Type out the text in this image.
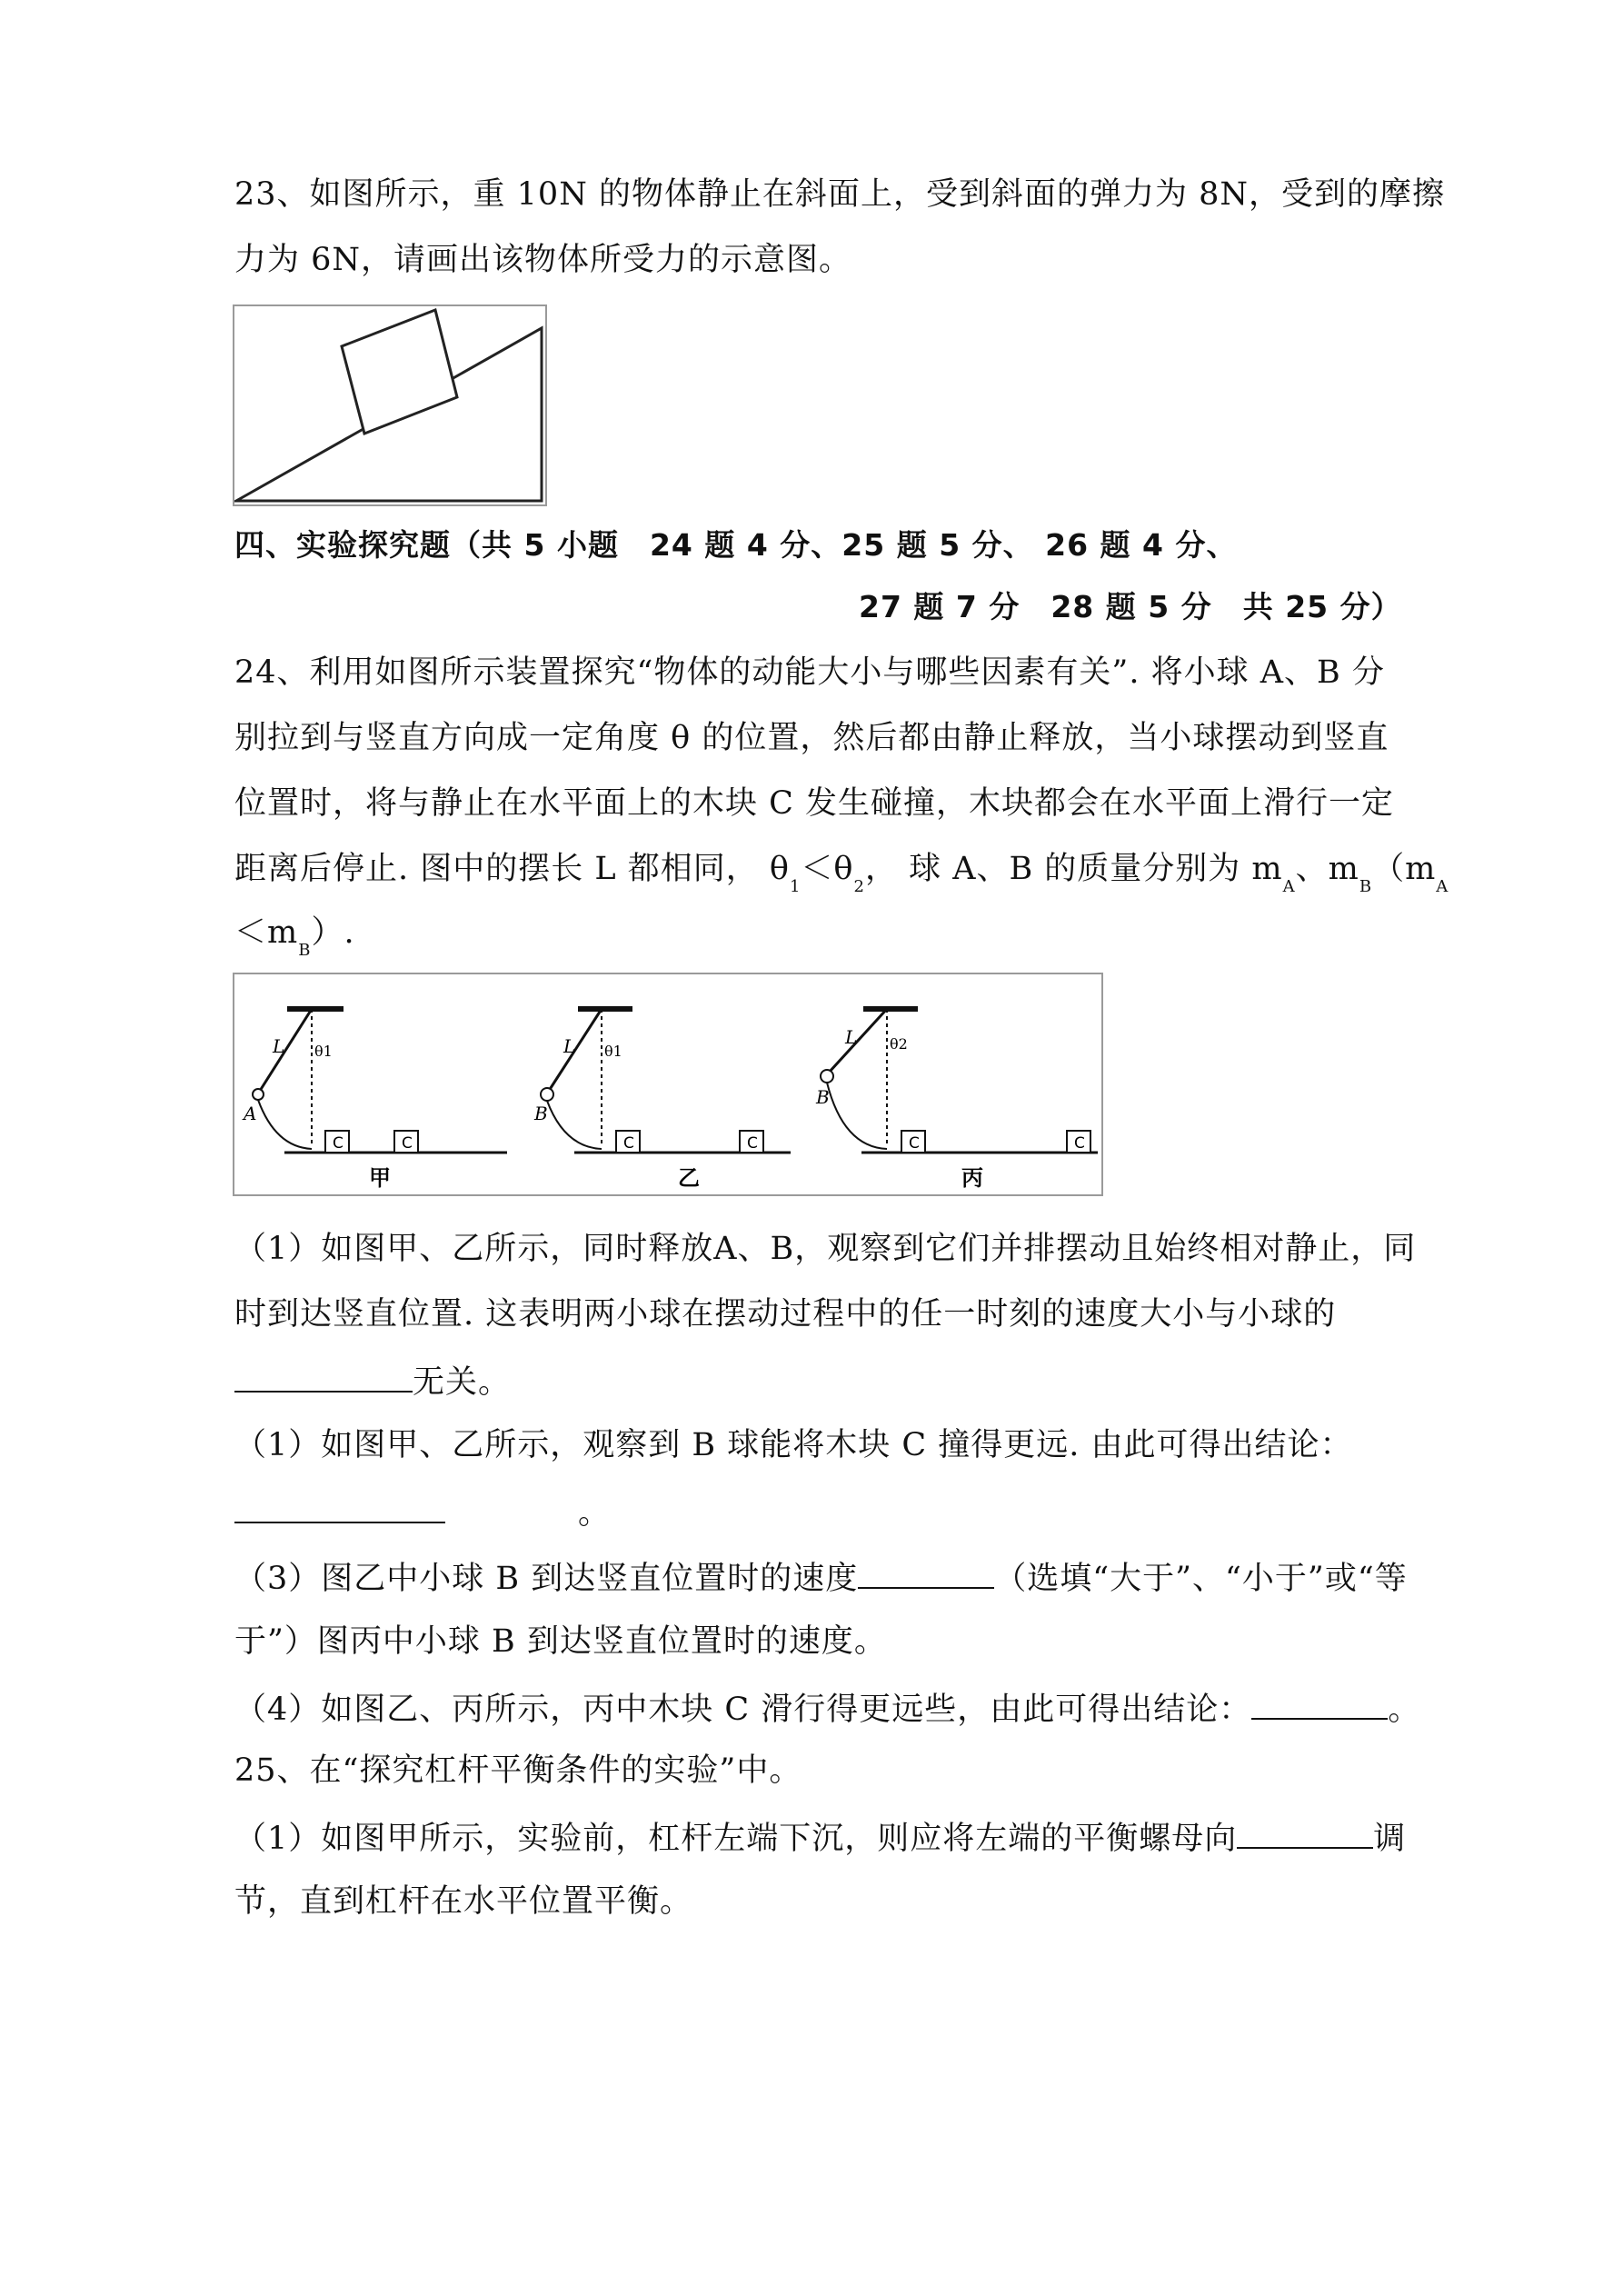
23、如图所示，重 10N 的物体静止在斜面上，受到斜面的弹力为 8N，受到的摩擦
力为 6N，请画出该物体所受力的示意图。
四、实验探究题（共 5 小题　24 题 4 分、25 题 5 分、 26 题 4 分、
27 题 7 分　28 题 5 分　共 25 分）
24、利用如图所示装置探究“物体的动能大小与哪些因素有关”. 将小球 A、B 分
别拉到与竖直方向成一定角度 θ 的位置，然后都由静止释放，当小球摆动到竖直
位置时，将与静止在水平面上的木块 C 发生碰撞，木块都会在水平面上滑行一定
距离后停止. 图中的摆长 L 都相同， $\theta_1<\theta_2$， 球 A、B 的质量分别为 $m_A$、$m_B(m_A$
$<m_B$）.
C	C
A
L θ1
甲
C	C
B
L θ1
乙
C	C
B
L θ2
丙
（1）如图甲、乙所示，同时释放A、B，观察到它们并排摆动且始终相对静止，同
时到达竖直位置. 这表明两小球在摆动过程中的任一时刻的速度大小与小球的
无关。
（1）如图甲、乙所示，观察到 B 球能将木块 C 撞得更远. 由此可得出结论：
。
（3）图乙中小球 B 到达竖直位置时的速度	（选填“大于”、“小于”或“等
于”）图丙中小球 B 到达竖直位置时的速度。
（4）如图乙、丙所示，丙中木块 C 滑行得更远些，由此可得出结论：	。
25、在“探究杠杆平衡条件的实验”中。
（1）如图甲所示，实验前，杠杆左端下沉，则应将左端的平衡螺母向	调
节，直到杠杆在水平位置平衡。
